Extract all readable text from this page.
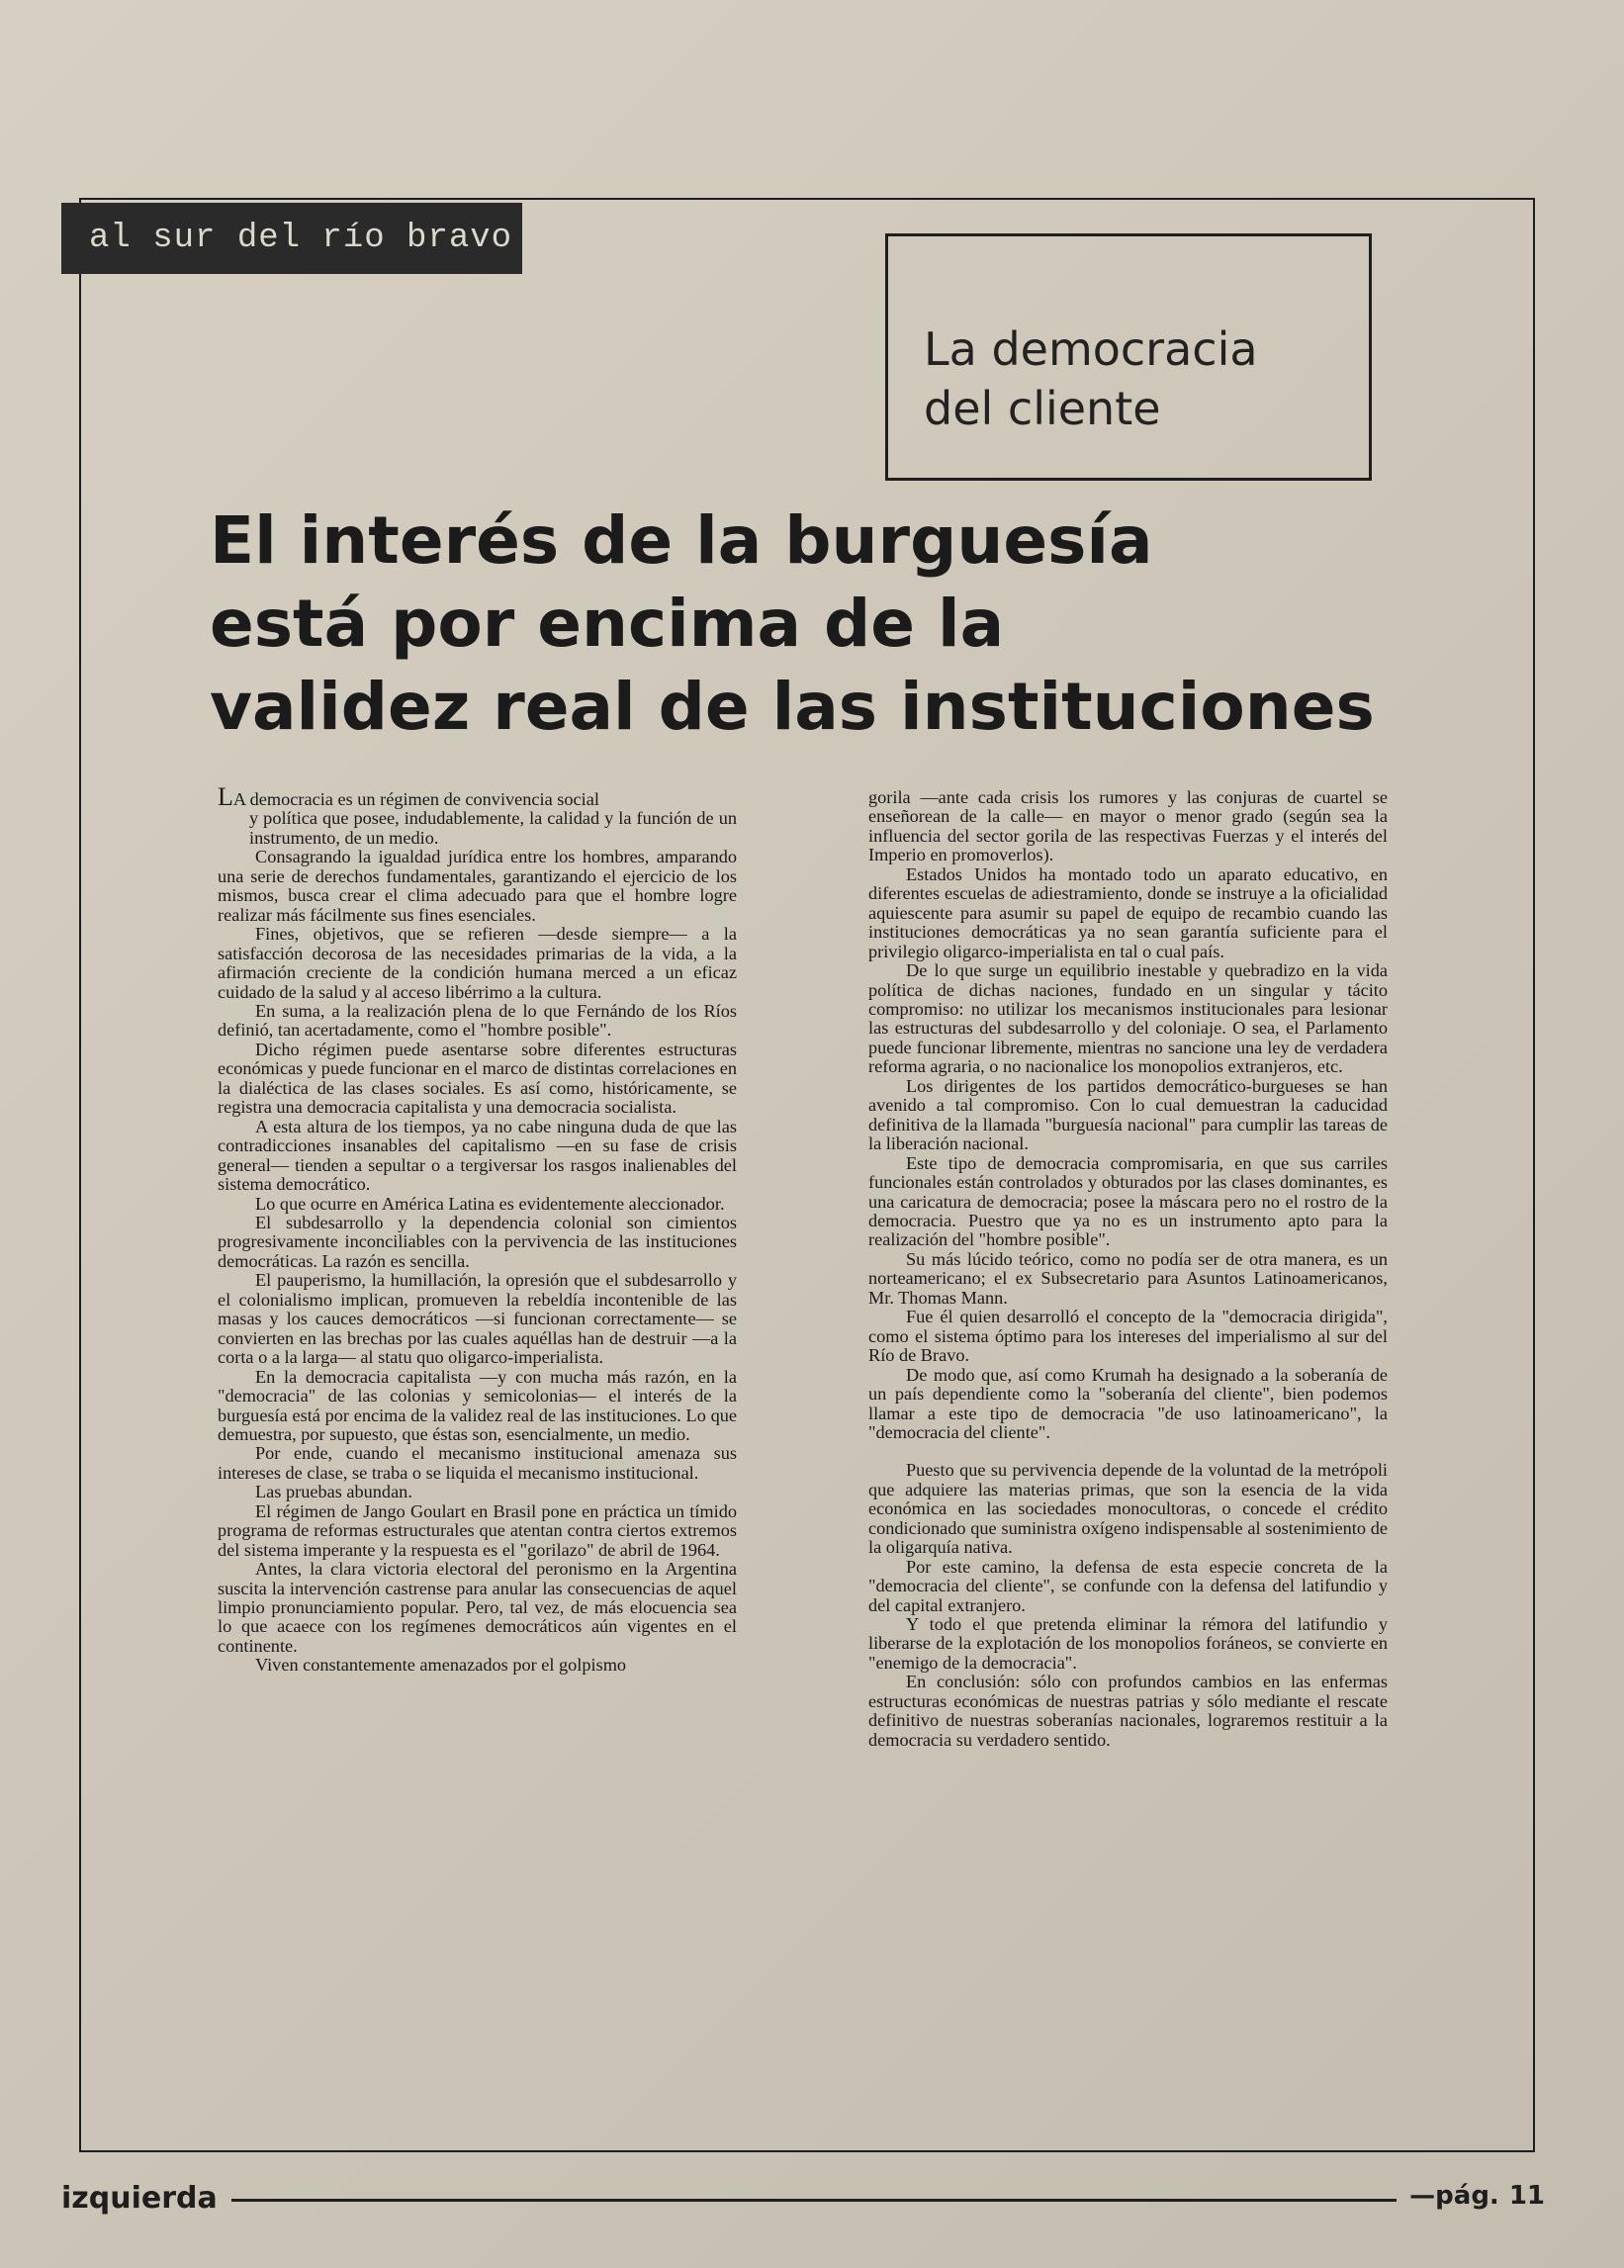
al sur del río bravo
La democracia
del cliente
El interés de la burguesía
está por encima de la
validez real de las instituciones

LA democracia es un régimen de convivencia social

y política que posee, indudablemente, la calidad y la función de un instrumento, de un medio.

Consagrando la igualdad jurídica entre los hombres, amparando una serie de derechos fundamentales, garantizando el ejercicio de los mismos, busca crear el clima adecuado para que el hombre logre realizar más fácilmente sus fines esenciales.

Fines, objetivos, que se refieren —desde siempre— a la satisfacción decorosa de las necesidades primarias de la vida, a la afirmación creciente de la condición humana merced a un eficaz cuidado de la salud y al acceso libérrimo a la cultura.

En suma, a la realización plena de lo que Fernándo de los Ríos definió, tan acertadamente, como el "hombre posible".

Dicho régimen puede asentarse sobre diferentes estructuras económicas y puede funcionar en el marco de distintas correlaciones en la dialéctica de las clases sociales. Es así como, históricamente, se registra una democracia capitalista y una democracia socialista.

A esta altura de los tiempos, ya no cabe ninguna duda de que las contradicciones insanables del capitalismo —en su fase de crisis general— tienden a sepultar o a tergiversar los rasgos inalienables del sistema democrático.

Lo que ocurre en América Latina es evidentemente aleccionador.

El subdesarrollo y la dependencia colonial son cimientos progresivamente inconciliables con la pervivencia de las instituciones democráticas. La razón es sencilla.

El pauperismo, la humillación, la opresión que el subdesarrollo y el colonialismo implican, promueven la rebeldía incontenible de las masas y los cauces democráticos —si funcionan correctamente— se convierten en las brechas por las cuales aquéllas han de destruir —a la corta o a la larga— al statu quo oligarco-imperialista.

En la democracia capitalista —y con mucha más razón, en la "democracia" de las colonias y semicolonias— el interés de la burguesía está por encima de la validez real de las instituciones. Lo que demuestra, por supuesto, que éstas son, esencialmente, un medio.

Por ende, cuando el mecanismo institucional amenaza sus intereses de clase, se traba o se liquida el mecanismo institucional.

Las pruebas abundan.

El régimen de Jango Goulart en Brasil pone en práctica un tímido programa de reformas estructurales que atentan contra ciertos extremos del sistema imperante y la respuesta es el "gorilazo" de abril de 1964.

Antes, la clara victoria electoral del peronismo en la Argentina suscita la intervención castrense para anular las consecuencias de aquel limpio pronunciamiento popular. Pero, tal vez, de más elocuencia sea lo que acaece con los regímenes democráticos aún vigentes en el continente.

Viven constantemente amenazados por el golpismo

gorila —ante cada crisis los rumores y las conjuras de cuartel se enseñorean de la calle— en mayor o menor grado (según sea la influencia del sector gorila de las respectivas Fuerzas y el interés del Imperio en promoverlos).

Estados Unidos ha montado todo un aparato educativo, en diferentes escuelas de adiestramiento, donde se instruye a la oficialidad aquiescente para asumir su papel de equipo de recambio cuando las instituciones democráticas ya no sean garantía suficiente para el privilegio oligarco-imperialista en tal o cual país.

De lo que surge un equilibrio inestable y quebradizo en la vida política de dichas naciones, fundado en un singular y tácito compromiso: no utilizar los mecanismos institucionales para lesionar las estructuras del subdesarrollo y del coloniaje. O sea, el Parlamento puede funcionar libremente, mientras no sancione una ley de verdadera reforma agraria, o no nacionalice los monopolios extranjeros, etc.

Los dirigentes de los partidos democrático-burgueses se han avenido a tal compromiso. Con lo cual demuestran la caducidad definitiva de la llamada "burguesía nacional" para cumplir las tareas de la liberación nacional.

Este tipo de democracia compromisaria, en que sus carriles funcionales están controlados y obturados por las clases dominantes, es una caricatura de democracia; posee la máscara pero no el rostro de la democracia. Puestro que ya no es un instrumento apto para la realización del "hombre posible".

Su más lúcido teórico, como no podía ser de otra manera, es un norteamericano; el ex Subsecretario para Asuntos Latinoamericanos, Mr. Thomas Mann.

Fue él quien desarrolló el concepto de la "democracia dirigida", como el sistema óptimo para los intereses del imperialismo al sur del Río de Bravo.

De modo que, así como Krumah ha designado a la soberanía de un país dependiente como la "soberanía del cliente", bien podemos llamar a este tipo de democracia "de uso latinoamericano", la "democracia del cliente".

Puesto que su pervivencia depende de la voluntad de la metrópoli que adquiere las materias primas, que son la esencia de la vida económica en las sociedades monocultoras, o concede el crédito condicionado que suministra oxígeno indispensable al sostenimiento de la oligarquía nativa.

Por este camino, la defensa de esta especie concreta de la "democracia del cliente", se confunde con la defensa del latifundio y del capital extranjero.

Y todo el que pretenda eliminar la rémora del latifundio y liberarse de la explotación de los monopolios foráneos, se convierte en "enemigo de la democracia".

En conclusión: sólo con profundos cambios en las enfermas estructuras económicas de nuestras patrias y sólo mediante el rescate definitivo de nuestras soberanías nacionales, lograremos restituir a la democracia su verdadero sentido.

izquierda	—pág. 11
